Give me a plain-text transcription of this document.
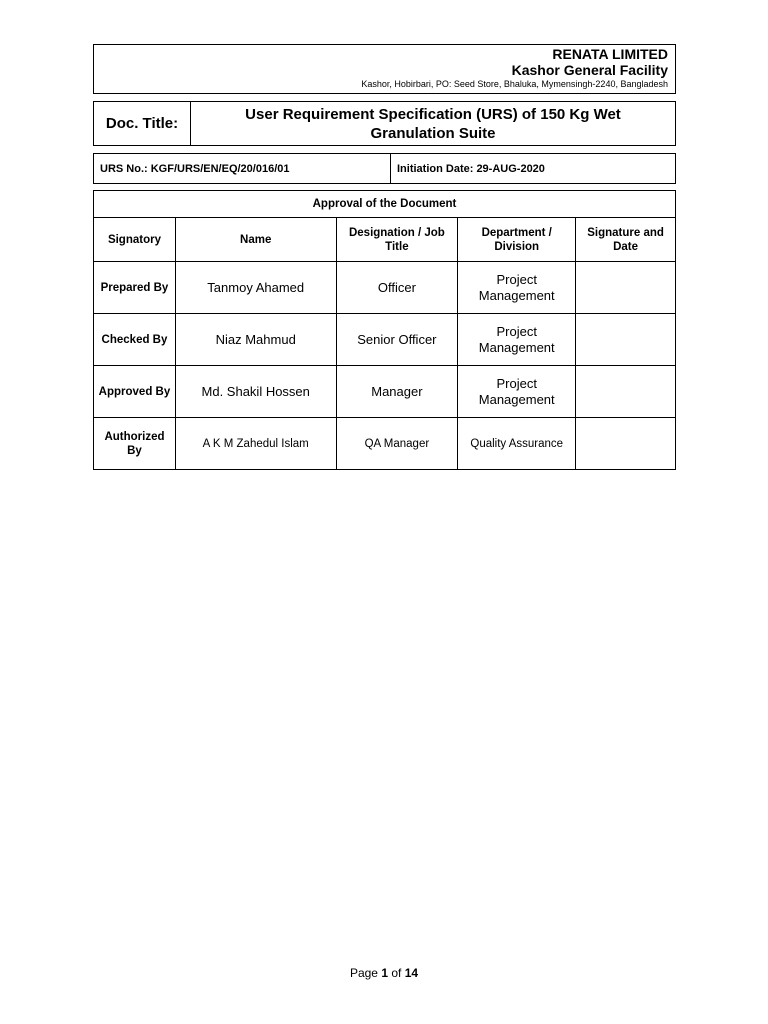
RENATA LIMITED
Kashor General Facility
Kashor, Hobirbari, PO: Seed Store, Bhaluka, Mymensingh-2240, Bangladesh
Doc. Title:
User Requirement Specification (URS) of 150 Kg Wet Granulation Suite
URS No.: KGF/URS/EN/EQ/20/016/01	Initiation Date: 29-AUG-2020
Approval of the Document				
Signatory	Name	Designation / Job Title	Department / Division	Signature and Date
Prepared By	Tanmoy Ahamed	Officer	Project Management	
Checked By	Niaz Mahmud	Senior Officer	Project Management	
Approved By	Md. Shakil Hossen	Manager	Project Management	
Authorized By	A K M Zahedul Islam	QA Manager	Quality Assurance	
Page 1 of 14
